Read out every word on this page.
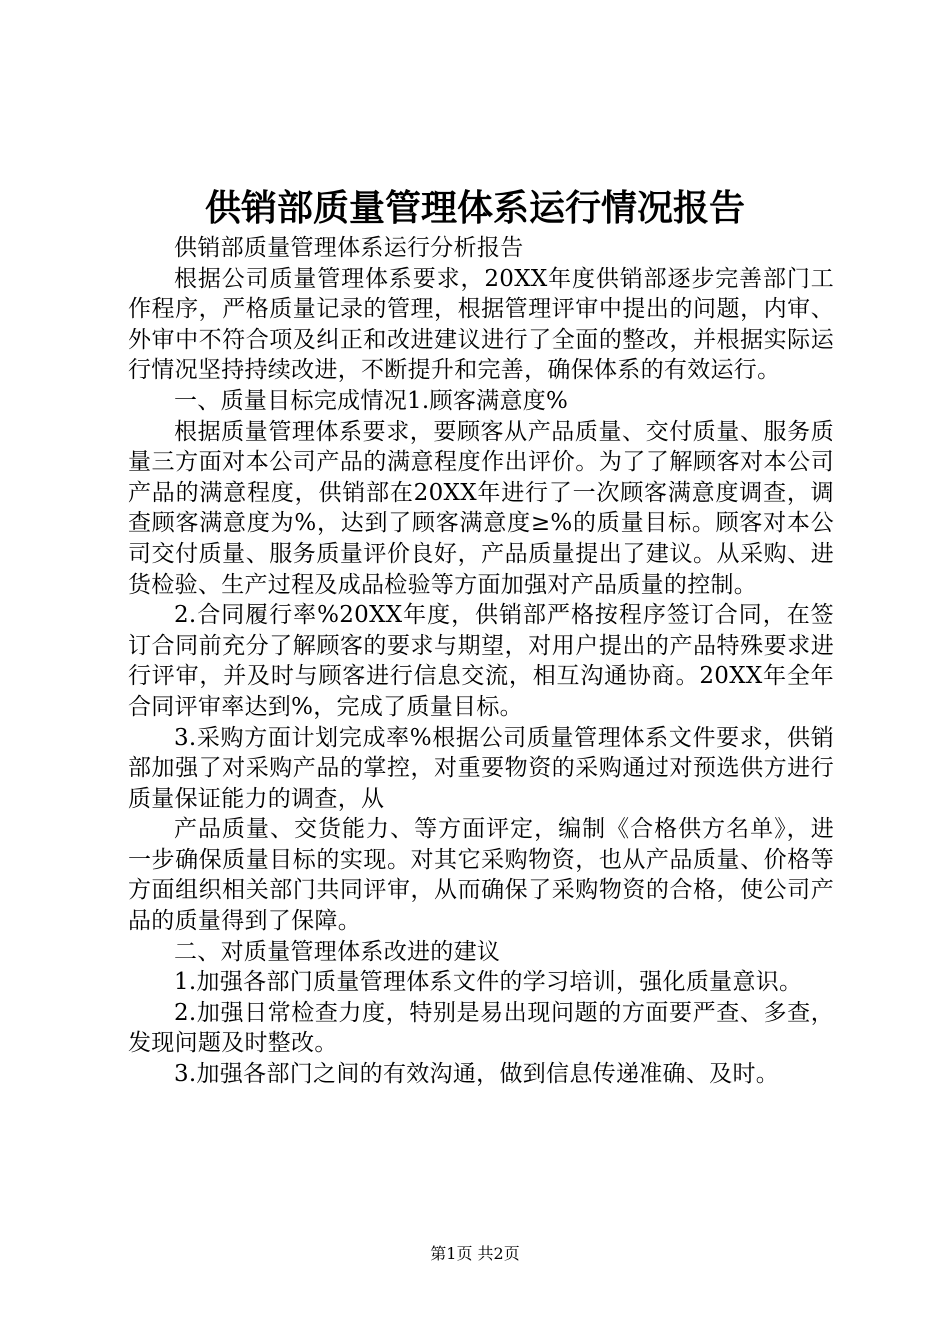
供销部质量管理体系运行情况报告

供销部质量管理体系运行分析报告

根据公司质量管理体系要求，20XX年度供销部逐步完善部门工作程序，严格质量记录的管理，根据管理评审中提出的问题，内审、外审中不符合项及纠正和改进建议进行了全面的整改，并根据实际运行情况坚持持续改进，不断提升和完善，确保体系的有效运行。

一、质量目标完成情况1.顾客满意度%

根据质量管理体系要求，要顾客从产品质量、交付质量、服务质量三方面对本公司产品的满意程度作出评价。为了了解顾客对本公司产品的满意程度，供销部在20XX年进行了一次顾客满意度调查，调查顾客满意度为%，达到了顾客满意度≥%的质量目标。顾客对本公司交付质量、服务质量评价良好，产品质量提出了建议。从采购、进货检验、生产过程及成品检验等方面加强对产品质量的控制。

2.合同履行率%20XX年度，供销部严格按程序签订合同，在签订合同前充分了解顾客的要求与期望，对用户提出的产品特殊要求进行评审，并及时与顾客进行信息交流，相互沟通协商。20XX年全年合同评审率达到%，完成了质量目标。

3.采购方面计划完成率%根据公司质量管理体系文件要求，供销部加强了对采购产品的掌控，对重要物资的采购通过对预选供方进行质量保证能力的调查，从

产品质量、交货能力、等方面评定，编制《合格供方名单》，进一步确保质量目标的实现。对其它采购物资，也从产品质量、价格等方面组织相关部门共同评审，从而确保了采购物资的合格，使公司产品的质量得到了保障。

二、对质量管理体系改进的建议

1.加强各部门质量管理体系文件的学习培训，强化质量意识。

2.加强日常检查力度，特别是易出现问题的方面要严查、多查，发现问题及时整改。

3.加强各部门之间的有效沟通，做到信息传递准确、及时。

第1页 共2页
